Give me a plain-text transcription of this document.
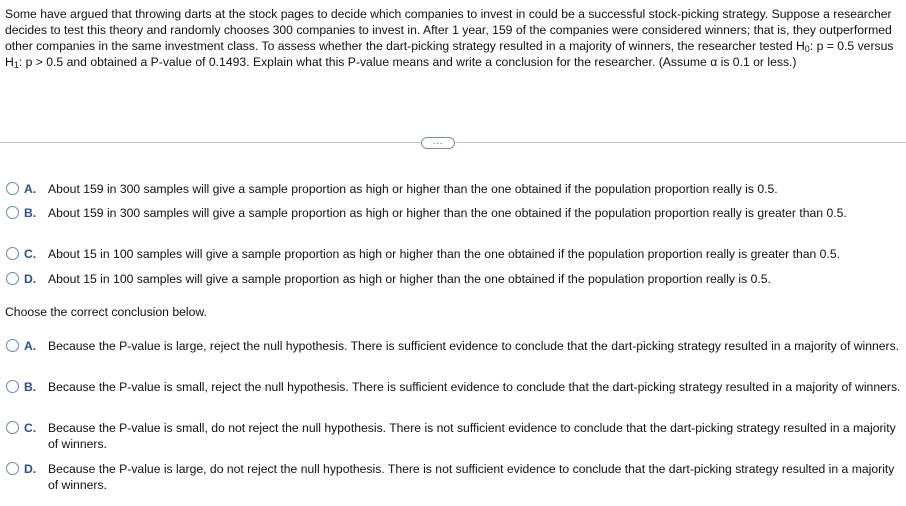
Some have argued that throwing darts at the stock pages to decide which companies to invest in could be a successful stock-picking strategy. Suppose a researcher decides to test this theory and randomly chooses 300 companies to invest in. After 1 year, 159 of the companies were considered winners; that is, they outperformed other companies in the same investment class. To assess whether the dart-picking strategy resulted in a majority of winners, the researcher tested $H_0$: p = 0.5 versus $H_1$: p > 0.5 and obtained a P-value of 0.1493. Explain what this P-value means and write a conclusion for the researcher. (Assume α is 0.1 or less.)
...
A. About 159 in 300 samples will give a sample proportion as high or higher than the one obtained if the population proportion really is 0.5.
B. About 159 in 300 samples will give a sample proportion as high or higher than the one obtained if the population proportion really is greater than 0.5.
C. About 15 in 100 samples will give a sample proportion as high or higher than the one obtained if the population proportion really is greater than 0.5.
D. About 15 in 100 samples will give a sample proportion as high or higher than the one obtained if the population proportion really is 0.5.
Choose the correct conclusion below.
A. Because the P-value is large, reject the null hypothesis. There is sufficient evidence to conclude that the dart-picking strategy resulted in a majority of winners.
B. Because the P-value is small, reject the null hypothesis. There is sufficient evidence to conclude that the dart-picking strategy resulted in a majority of winners.
C. Because the P-value is small, do not reject the null hypothesis. There is not sufficient evidence to conclude that the dart-picking strategy resulted in a majority of winners.
D. Because the P-value is large, do not reject the null hypothesis. There is not sufficient evidence to conclude that the dart-picking strategy resulted in a majority of winners.
